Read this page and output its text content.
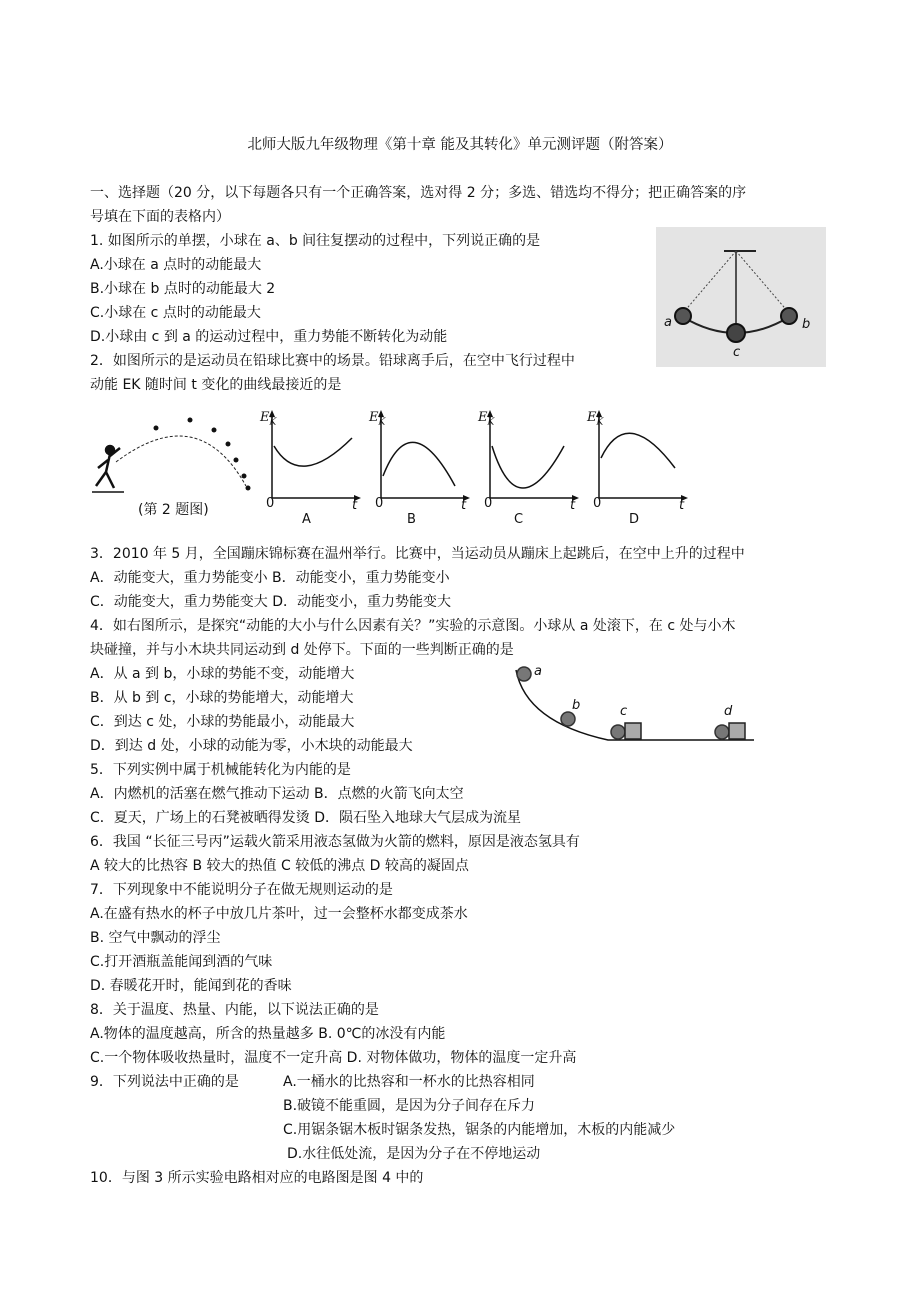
北师大版九年级物理《第十章 能及其转化》单元测评题（附答案）
一、选择题（20 分，以下每题各只有一个正确答案，选对得 2 分；多选、错选均不得分；把正确答案的序
号填在下面的表格内）
1. 如图所示的单摆，小球在 a、b 间往复摆动的过程中，下列说正确的是
A.小球在 a 点时的动能最大
B.小球在 b 点时的动能最大 2
C.小球在 c 点时的动能最大
D.小球由 c 到 a 的运动过程中，重力势能不断转化为动能
a	b
c
2．如图所示的是运动员在铅球比赛中的场景。铅球离手后，在空中飞行过程中
动能 EK 随时间 t 变化的曲线最接近的是
(第 2 题图)
$E_K$
0	t
A
$E_K$
0	t
B
$E_K$
0	t
C
$E_K$
0	t
D
3．2010 年 5 月，全国蹦床锦标赛在温州举行。比赛中，当运动员从蹦床上起跳后，在空中上升的过程中
A．动能变大，重力势能变小 B．动能变小，重力势能变小
C．动能变大，重力势能变大 D．动能变小，重力势能变大
4．如右图所示，是探究“动能的大小与什么因素有关？”实验的示意图。小球从 a 处滚下，在 c 处与小木
块碰撞，并与小木块共同运动到 d 处停下。下面的一些判断正确的是
A．从 a 到 b，小球的势能不变，动能增大
B．从 b 到 c，小球的势能增大，动能增大
C．到达 c 处，小球的势能最小，动能最大
D．到达 d 处，小球的动能为零，小木块的动能最大
a
b	c	d
5．下列实例中属于机械能转化为内能的是
A．内燃机的活塞在燃气推动下运动 B．点燃的火箭飞向太空
C．夏天，广场上的石凳被晒得发烫 D．陨石坠入地球大气层成为流星
6．我国 “长征三号丙”运载火箭采用液态氢做为火箭的燃料，原因是液态氢具有
A 较大的比热容 B 较大的热值 C 较低的沸点 D 较高的凝固点
7．下列现象中不能说明分子在做无规则运动的是
A.在盛有热水的杯子中放几片茶叶，过一会整杯水都变成茶水
B. 空气中飘动的浮尘
C.打开酒瓶盖能闻到酒的气味
D. 春暖花开时，能闻到花的香味
8．关于温度、热量、内能，以下说法正确的是
A.物体的温度越高，所含的热量越多 B. 0℃的冰没有内能
C.一个物体吸收热量时，温度不一定升高 D. 对物体做功，物体的温度一定升高
9．下列说法中正确的是	A.一桶水的比热容和一杯水的比热容相同
B.破镜不能重圆，是因为分子间存在斥力
C.用锯条锯木板时锯条发热，锯条的内能增加，木板的内能减少
D.水往低处流，是因为分子在不停地运动
10．与图 3 所示实验电路相对应的电路图是图 4 中的
